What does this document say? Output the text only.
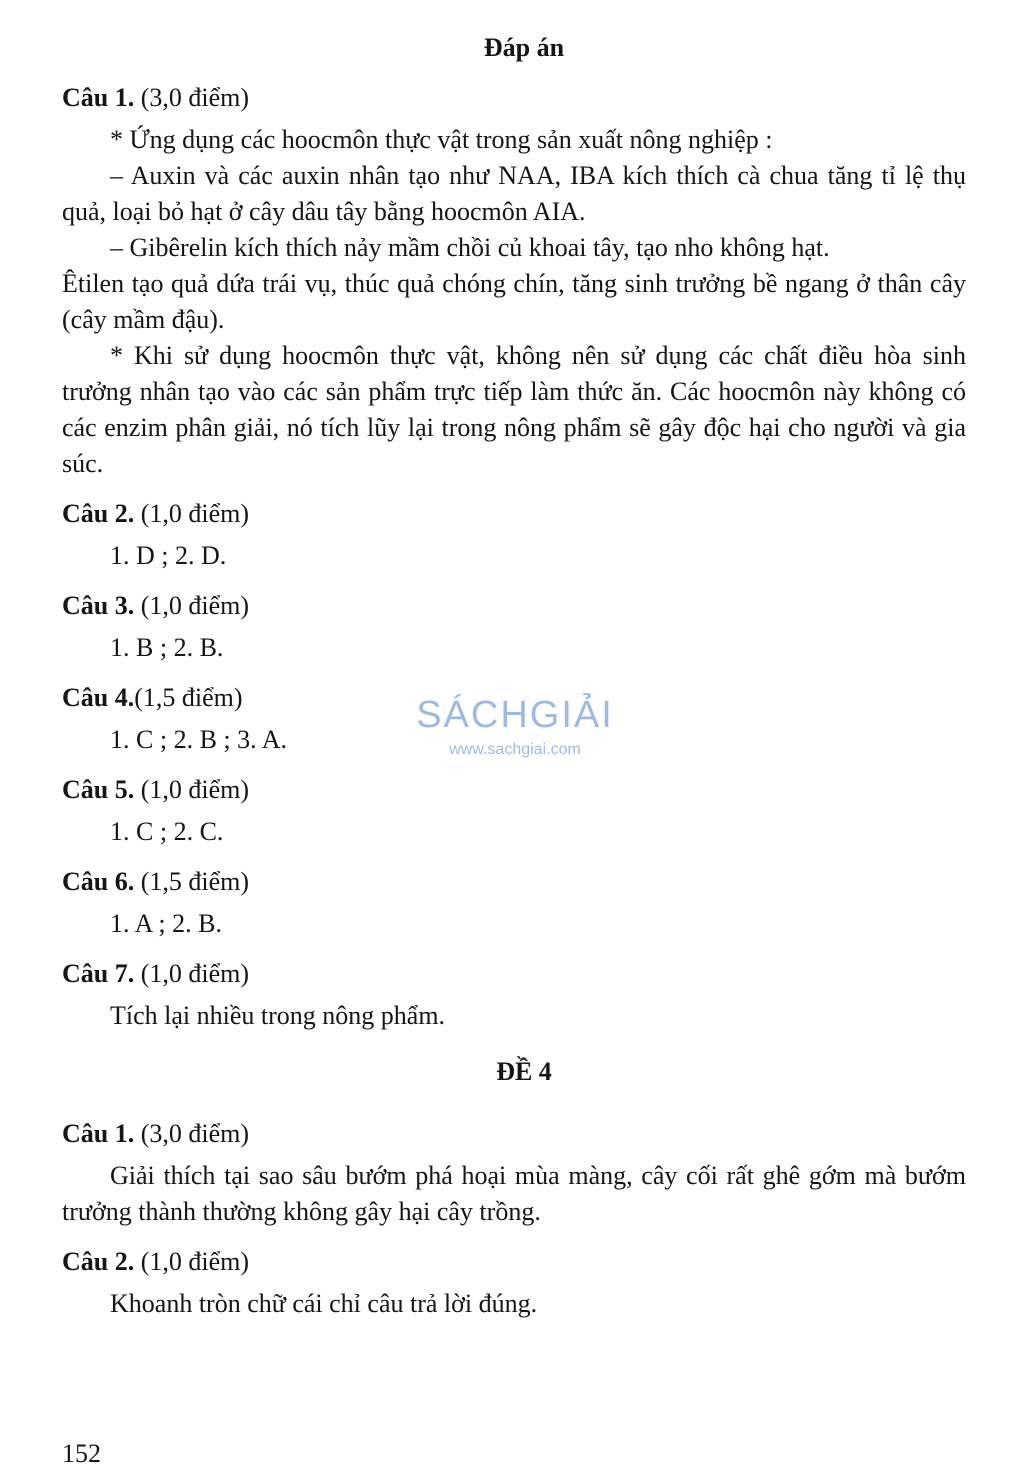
Đáp án
Câu 1. (3,0 điểm)

* Ứng dụng các hoocmôn thực vật trong sản xuất nông nghiệp :

– Auxin và các auxin nhân tạo như NAA, IBA kích thích cà chua tăng tỉ lệ thụ quả, loại bỏ hạt ở cây dâu tây bằng hoocmôn AIA.

– Gibêrelin kích thích nảy mầm chồi củ khoai tây, tạo nho không hạt.

Êtilen tạo quả dứa trái vụ, thúc quả chóng chín, tăng sinh trưởng bề ngang ở thân cây (cây mầm đậu).

* Khi sử dụng hoocmôn thực vật, không nên sử dụng các chất điều hòa sinh trưởng nhân tạo vào các sản phẩm trực tiếp làm thức ăn. Các hoocmôn này không có các enzim phân giải, nó tích lũy lại trong nông phẩm sẽ gây độc hại cho người và gia súc.

Câu 2. (1,0 điểm)
1. D ; 2. D.
Câu 3. (1,0 điểm)
1. B ; 2. B.
Câu 4.(1,5 điểm)
1. C ; 2. B ; 3. A.
Câu 5. (1,0 điểm)
1. C ; 2. C.
Câu 6. (1,5 điểm)
1. A ; 2. B.
Câu 7. (1,0 điểm)
Tích lại nhiều trong nông phẩm.
ĐỀ 4
Câu 1. (3,0 điểm)

Giải thích tại sao sâu bướm phá hoại mùa màng, cây cối rất ghê gớm mà bướm trưởng thành thường không gây hại cây trồng.

Câu 2. (1,0 điểm)

Khoanh tròn chữ cái chỉ câu trả lời đúng.

152
SÁCHGIẢI
www.sachgiai.com
